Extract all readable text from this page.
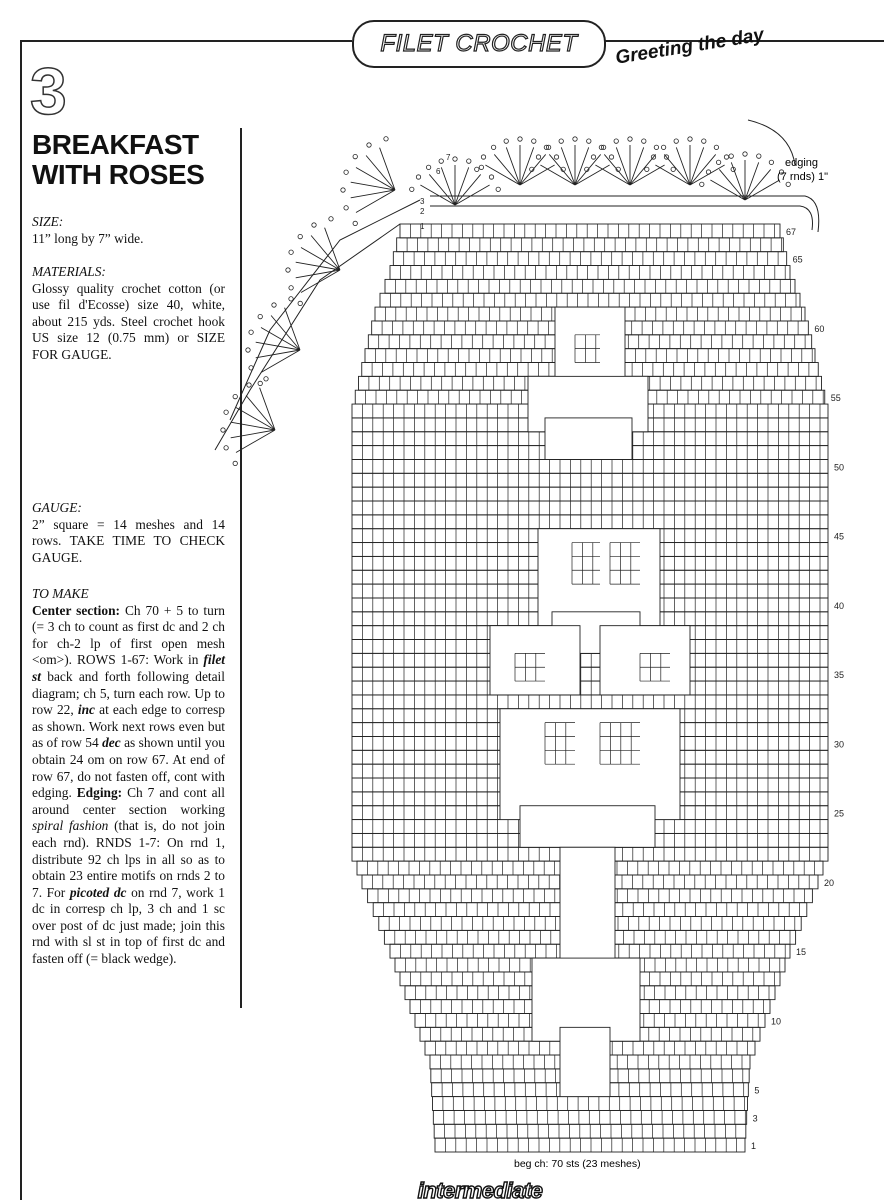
FILET CROCHET	Greeting the day
3
BREAKFAST
WITH ROSES
SIZE:
11” long by 7” wide.
MATERIALS:
Glossy quality crochet cotton (or use fil d'Ecosse) size 40, white, about 215 yds. Steel crochet hook US size 12 (0.75 mm) or SIZE FOR GAUGE.
GAUGE:
2” square = 14 meshes and 14 rows. TAKE TIME TO CHECK GAUGE.
TO MAKE
Center section: Ch 70 + 5 to turn (= 3 ch to count as first dc and 2 ch for ch-2 lp of first open mesh <om>). ROWS 1-67: Work in filet st back and forth following detail diagram; ch 5, turn each row. Up to row 22, inc at each edge to corresp as shown. Work next rows even but as of row 54 dec as shown until you obtain 24 om on row 67. At end of row 67, do not fasten off, cont with edging. Edging: Ch 7 and cont all around center section working spiral fashion (that is, do not join each rnd). RNDS 1-7: On rnd 1, distribute 92 ch lps in all so as to obtain 23 entire motifs on rnds 2 to 7. For picoted dc on rnd 7, work 1 dc in corresp ch lp, 3 ch and 1 sc over post of dc just made; join this rnd with sl st in top of first dc and fasten off (= black wedge).
1
2
3
6
7
1
3
5
10
15
20
25
30
35
40
45
50
55
60
65
67
edging
(7 rnds) 1"
beg ch: 70 sts (23 meshes)
intermediate
